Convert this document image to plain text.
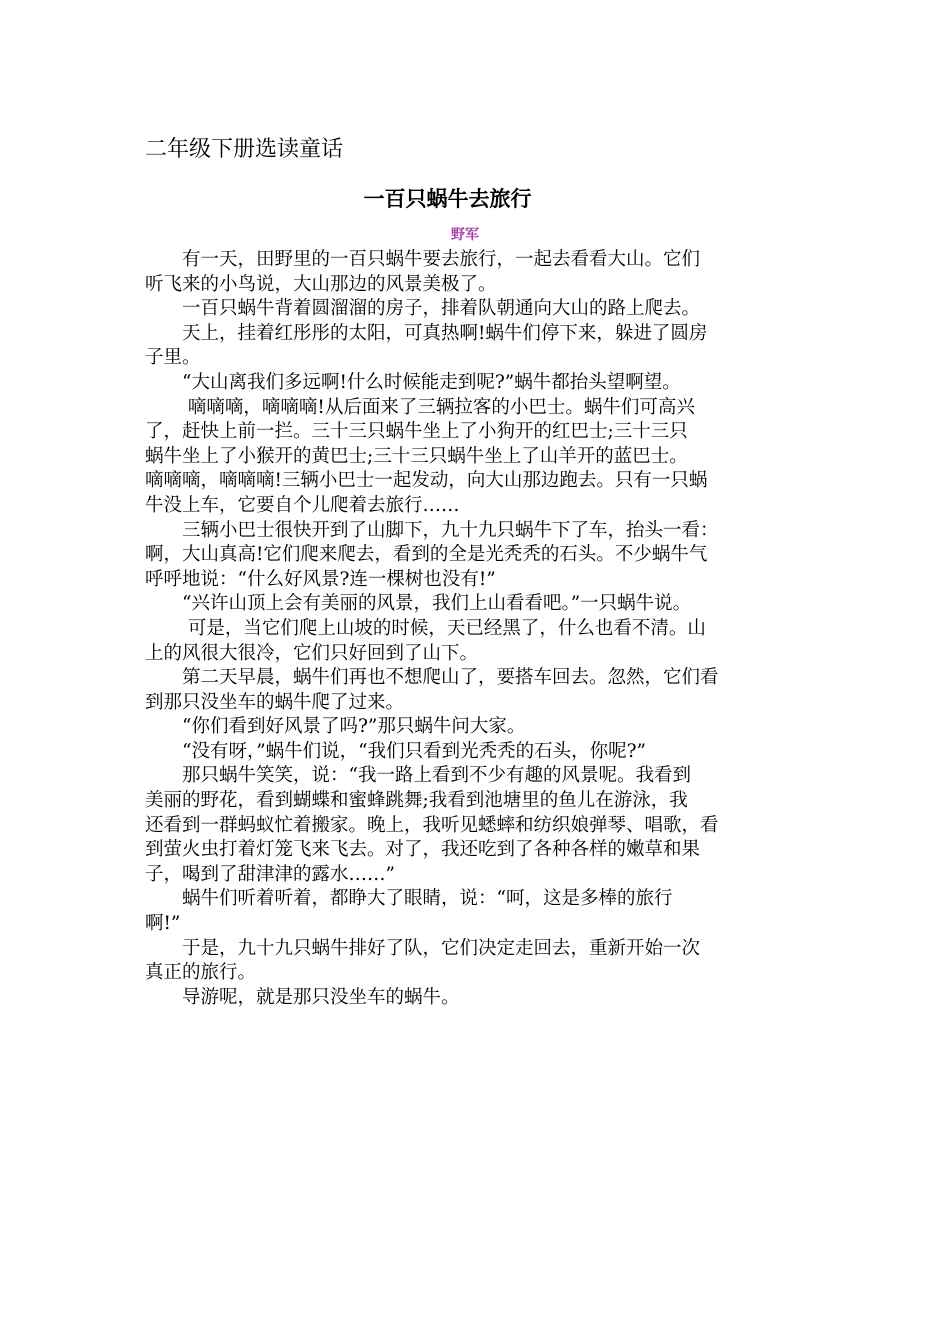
二年级下册选读童话
一百只蜗牛去旅行
野军
　　有一天，田野里的一百只蜗牛要去旅行，一起去看看大山。它们
听飞来的小鸟说，大山那边的风景美极了。
　　一百只蜗牛背着圆溜溜的房子，排着队朝通向大山的路上爬去。
　　天上，挂着红彤彤的太阳，可真热啊!蜗牛们停下来，躲进了圆房
子里。
　　“大山离我们多远啊!什么时候能走到呢?”蜗牛都抬头望啊望。
　　 嘀嘀嘀，嘀嘀嘀!从后面来了三辆拉客的小巴士。蜗牛们可高兴
了，赶快上前一拦。三十三只蜗牛坐上了小狗开的红巴士;三十三只
蜗牛坐上了小猴开的黄巴士;三十三只蜗牛坐上了山羊开的蓝巴士。
嘀嘀嘀，嘀嘀嘀!三辆小巴士一起发动，向大山那边跑去。只有一只蜗
牛没上车，它要自个儿爬着去旅行……
　　三辆小巴士很快开到了山脚下，九十九只蜗牛下了车，抬头一看：
啊，大山真高!它们爬来爬去，看到的全是光秃秃的石头。不少蜗牛气
呼呼地说：“什么好风景?连一棵树也没有!”
　　“兴许山顶上会有美丽的风景，我们上山看看吧。”一只蜗牛说。
　　 可是，当它们爬上山坡的时候，天已经黑了，什么也看不清。山
上的风很大很冷，它们只好回到了山下。
　　第二天早晨，蜗牛们再也不想爬山了，要搭车回去。忽然，它们看
到那只没坐车的蜗牛爬了过来。
　　“你们看到好风景了吗?”那只蜗牛问大家。
　　“没有呀，”蜗牛们说，“我们只看到光秃秃的石头，你呢?”
　　那只蜗牛笑笑，说：“我一路上看到不少有趣的风景呢。我看到
美丽的野花，看到蝴蝶和蜜蜂跳舞;我看到池塘里的鱼儿在游泳，我
还看到一群蚂蚁忙着搬家。晚上，我听见蟋蟀和纺织娘弹琴、唱歌，看
到萤火虫打着灯笼飞来飞去。对了，我还吃到了各种各样的嫩草和果
子，喝到了甜津津的露水……”
　　蜗牛们听着听着，都睁大了眼睛，说：“呵，这是多棒的旅行
啊!”
　　于是，九十九只蜗牛排好了队，它们决定走回去，重新开始一次
真正的旅行。
　　导游呢，就是那只没坐车的蜗牛。
